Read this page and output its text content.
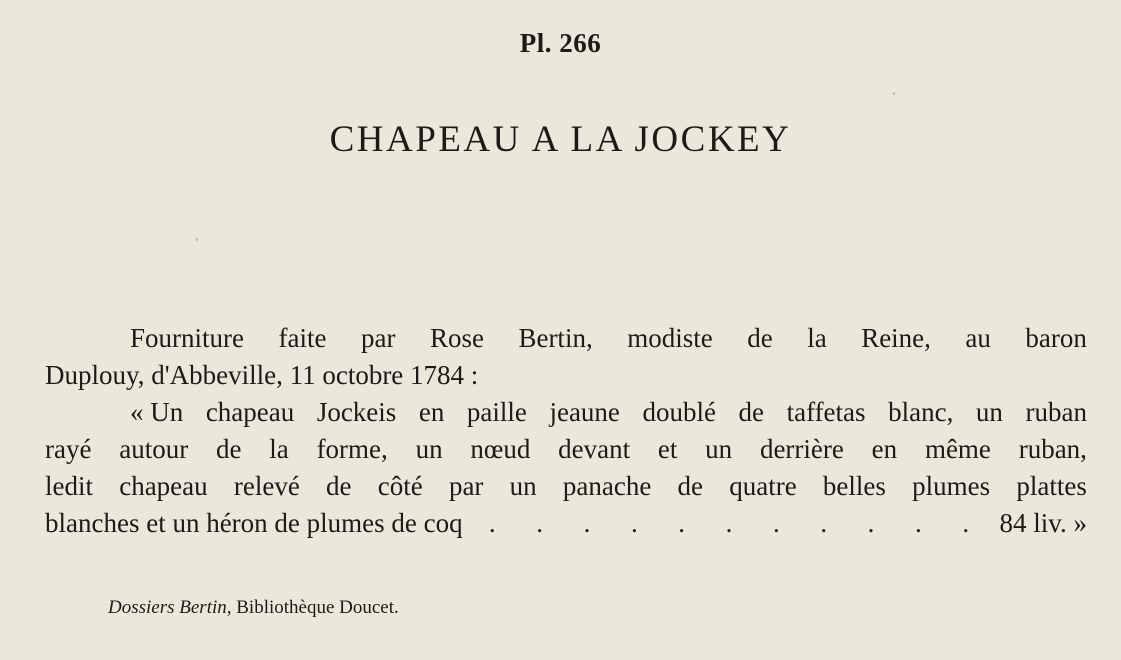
Pl. 266
CHAPEAU A LA JOCKEY
Fourniture faite par Rose Bertin, modiste de la Reine, au baron
Duplouy, d'Abbeville, 11 octobre 1784 :
« Un chapeau Jockeis en paille jeaune doublé de taffetas blanc, un ruban
rayé autour de la forme, un nœud devant et un derrière en même ruban,
ledit chapeau relevé de côté par un panache de quatre belles plumes plattes
blanches et un héron de plumes de coq . . . . . . . . . . . 84 liv. »
Dossiers Bertin, Bibliothèque Doucet.
